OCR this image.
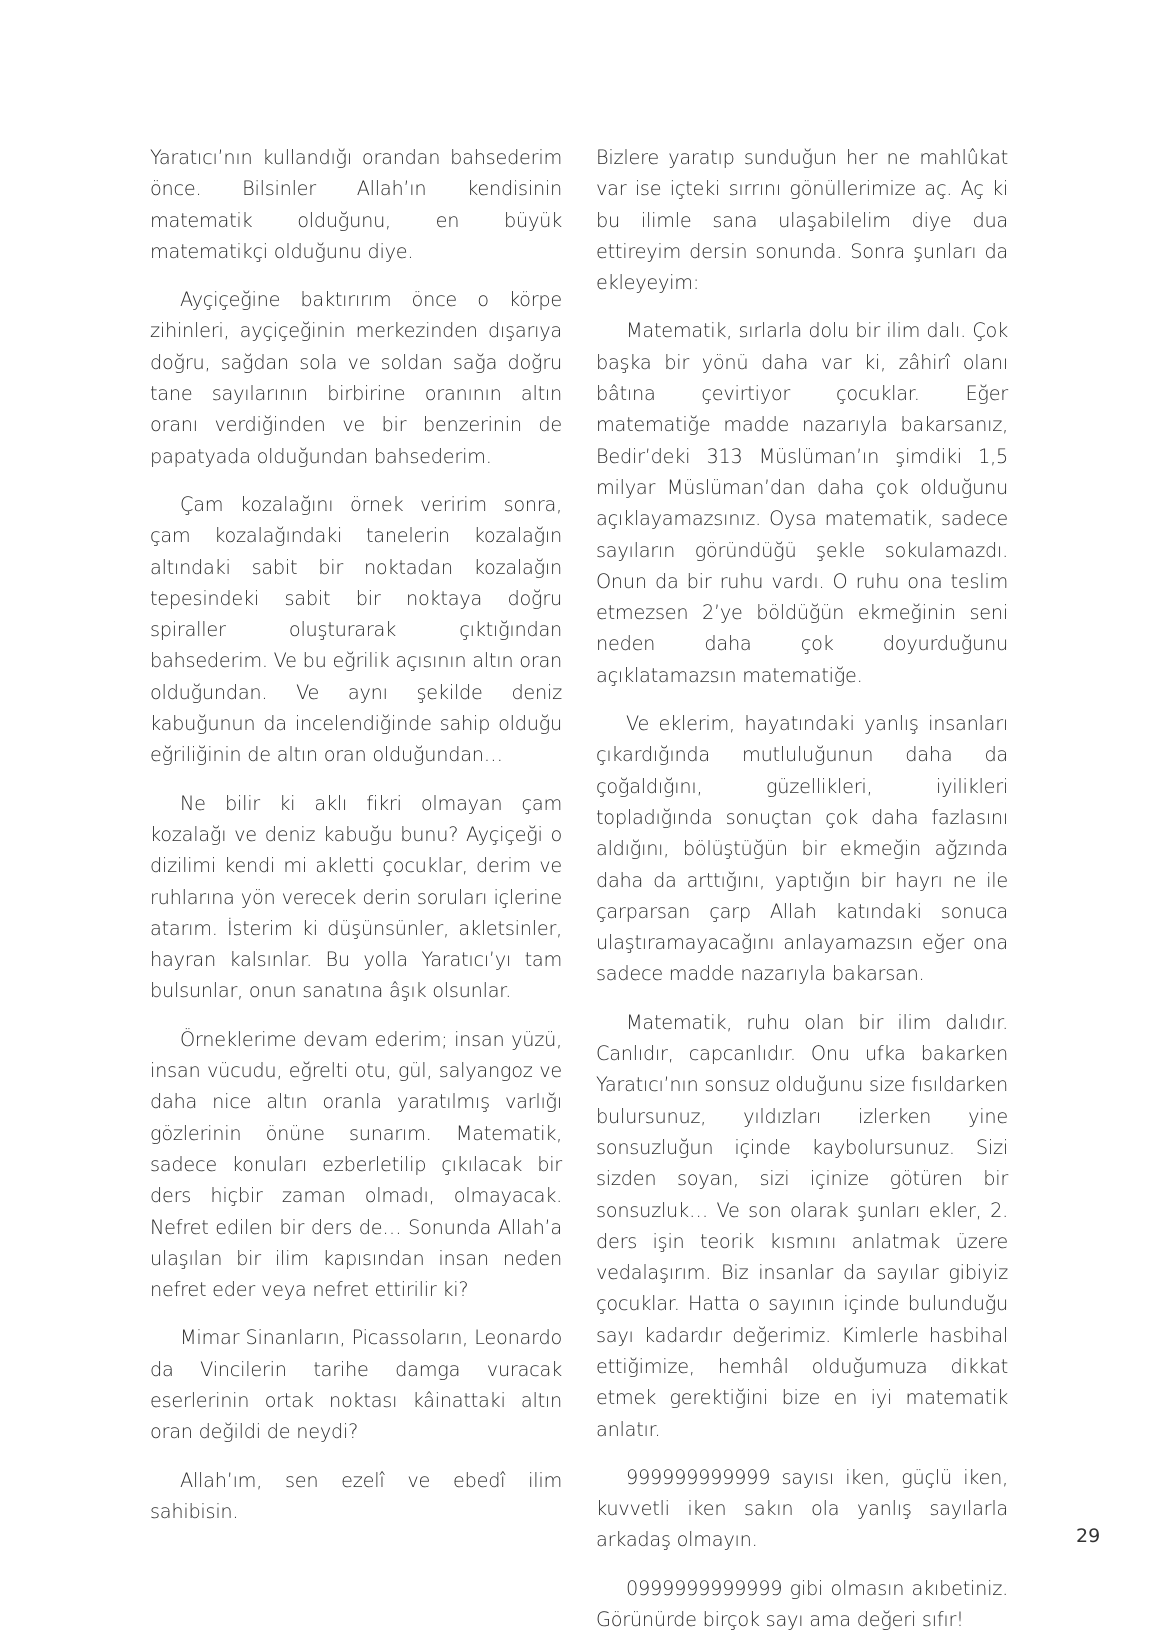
Yaratıcı’nın kullandığı orandan bahsederim önce. Bilsinler Allah’ın kendisinin matematik olduğunu, en büyük matematikçi olduğunu diye.

Ayçiçeğine baktırırım önce o körpe zihinleri, ayçiçeğinin merkezinden dışarıya doğru, sağdan sola ve soldan sağa doğru tane sayılarının birbirine oranının altın oranı verdiğinden ve bir benzerinin de papatyada olduğundan bahsederim.

Çam kozalağını örnek veririm sonra, çam kozalağındaki tanelerin kozalağın altındaki sabit bir noktadan kozalağın tepesindeki sabit bir noktaya doğru spiraller oluşturarak çıktığından bahsederim. Ve bu eğrilik açısının altın oran olduğundan. Ve aynı şekilde deniz kabuğunun da incelendiğinde sahip olduğu eğriliğinin de altın oran olduğundan…

Ne bilir ki aklı fikri olmayan çam kozalağı ve deniz kabuğu bunu? Ayçiçeği o dizilimi kendi mi akletti çocuklar, derim ve ruhlarına yön verecek derin soruları içlerine atarım. İsterim ki düşünsünler, akletsinler, hayran kalsınlar. Bu yolla Yaratıcı’yı tam bulsunlar, onun sanatına âşık olsunlar.

Örneklerime devam ederim; insan yüzü, insan vücudu, eğrelti otu, gül, salyangoz ve daha nice altın oranla yaratılmış varlığı gözlerinin önüne sunarım. Matematik, sadece konuları ezberletilip çıkılacak bir ders hiçbir zaman olmadı, olmayacak. Nefret edilen bir ders de… Sonunda Allah’a ulaşılan bir ilim kapısından insan neden nefret eder veya nefret ettirilir ki?

Mimar Sinanların, Picassoların, Leonardo da Vincilerin tarihe damga vuracak eserlerinin ortak noktası kâinattaki altın oran değildi de neydi?

Allah’ım, sen ezelî ve ebedî ilim sahibisin.

Bizlere yaratıp sunduğun her ne mahlûkat var ise içteki sırrını gönüllerimize aç. Aç ki bu ilimle sana ulaşabilelim diye dua ettireyim dersin sonunda. Sonra şunları da ekleyeyim:

Matematik, sırlarla dolu bir ilim dalı. Çok başka bir yönü daha var ki, zâhirî olanı bâtına çevirtiyor çocuklar. Eğer matematiğe madde nazarıyla bakarsanız, Bedir’deki 313 Müslüman’ın şimdiki 1,5 milyar Müslüman’dan daha çok olduğunu açıklayamazsınız. Oysa matematik, sadece sayıların göründüğü şekle sokulamazdı. Onun da bir ruhu vardı. O ruhu ona teslim etmezsen 2’ye böldüğün ekmeğinin seni neden daha çok doyurduğunu açıklatamazsın matematiğe.

Ve eklerim, hayatındaki yanlış insanları çıkardığında mutluluğunun daha da çoğaldığını, güzellikleri, iyilikleri topladığında sonuçtan çok daha fazlasını aldığını, bölüştüğün bir ekmeğin ağzında daha da arttığını, yaptığın bir hayrı ne ile çarparsan çarp Allah katındaki sonuca ulaştıramayacağını anlayamazsın eğer ona sadece madde nazarıyla bakarsan.

Matematik, ruhu olan bir ilim dalıdır. Canlıdır, capcanlıdır. Onu ufka bakarken Yaratıcı’nın sonsuz olduğunu size fısıldarken bulursunuz, yıldızları izlerken yine sonsuzluğun içinde kaybolursunuz. Sizi sizden soyan, sizi içinize götüren bir sonsuzluk… Ve son olarak şunları ekler, 2. ders işin teorik kısmını anlatmak üzere vedalaşırım. Biz insanlar da sayılar gibiyiz çocuklar. Hatta o sayının içinde bulunduğu sayı kadardır değerimiz. Kimlerle hasbihal ettiğimize, hemhâl olduğumuza dikkat etmek gerektiğini bize en iyi matematik anlatır.

999999999999 sayısı iken, güçlü iken, kuvvetli iken sakın ola yanlış sayılarla arkadaş olmayın.

0999999999999 gibi olmasın akıbetiniz. Görünürde birçok sayı ama değeri sıfır!

29
